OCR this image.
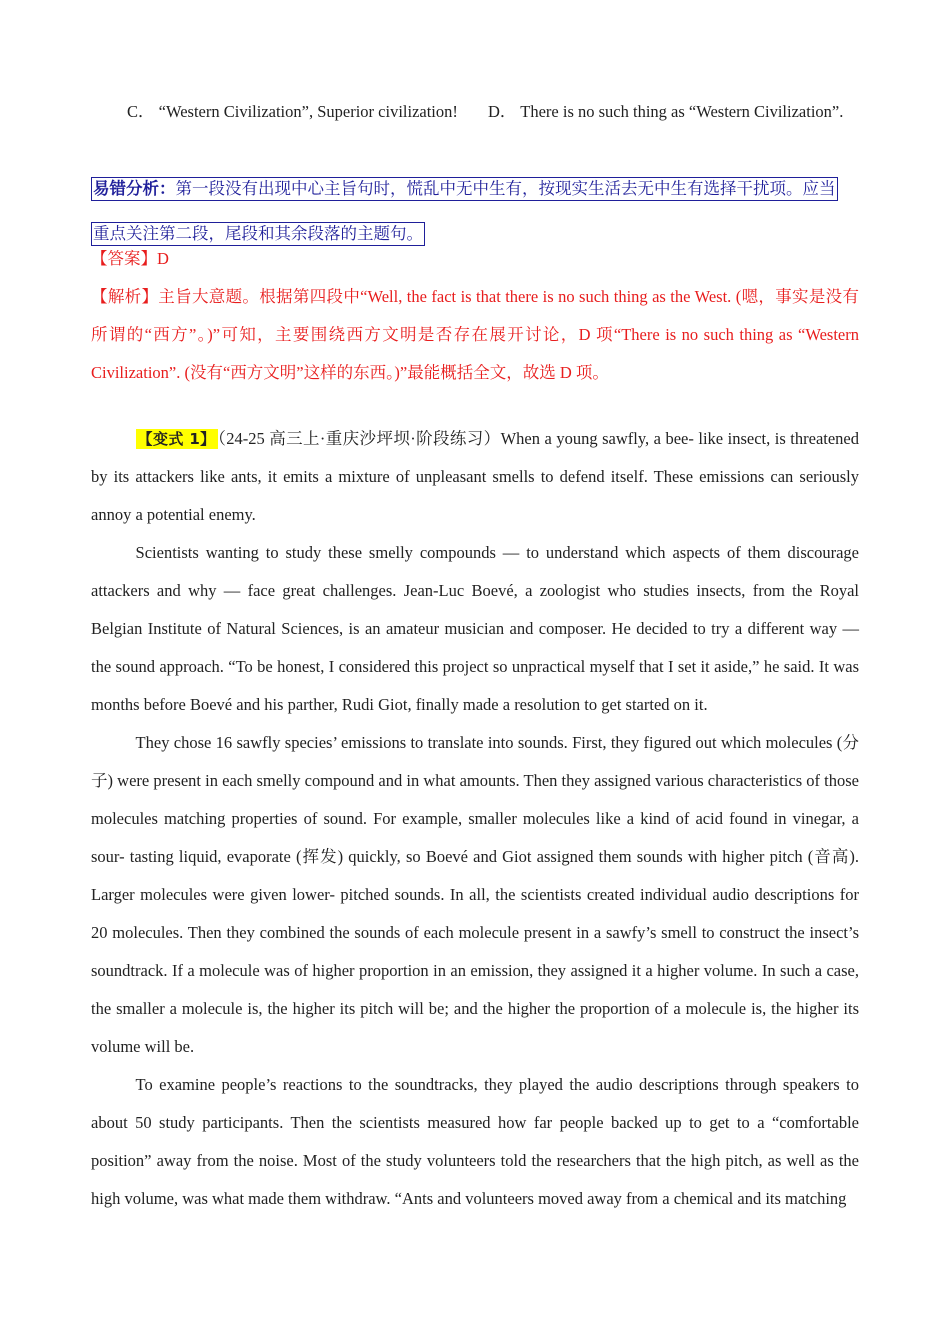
C． “Western Civilization”, Superior civilization! D． There is no such thing as “Western Civilization”.
易错分析：第一段没有出现中心主旨句时，慌乱中无中生有，按现实生活去无中生有选择干扰项。应当
重点关注第二段，尾段和其余段落的主题句。

【答案】D

【解析】主旨大意题。根据第四段中“Well, the fact is that there is no such thing as the West. (嗯，事实是没有所谓的“西方”。)”可知，主要围绕西方文明是否存在展开讨论，D 项“There is no such thing as “Western Civilization”. (没有“西方文明”这样的东西。)”最能概括全文，故选 D 项。

【变式 1】 （24-25 高三上·重庆沙坪坝·阶段练习）When a young sawfly, a bee- like insect, is threatened by its attackers like ants, it emits a mixture of unpleasant smells to defend itself. These emissions can seriously annoy a potential enemy.

Scientists wanting to study these smelly compounds — to understand which aspects of them discourage attackers and why — face great challenges. Jean-Luc Boevé, a zoologist who studies insects, from the Royal Belgian Institute of Natural Sciences, is an amateur musician and composer. He decided to try a different way — the sound approach. “To be honest, I considered this project so unpractical myself that I set it aside,” he said. It was months before Boevé and his parther, Rudi Giot, finally made a resolution to get started on it.

They chose 16 sawfly species’ emissions to translate into sounds. First, they figured out which molecules (分子) were present in each smelly compound and in what amounts. Then they assigned various characteristics of those molecules matching properties of sound. For example, smaller molecules like a kind of acid found in vinegar, a sour- tasting liquid, evaporate (挥发) quickly, so Boevé and Giot assigned them sounds with higher pitch (音高). Larger molecules were given lower- pitched sounds. In all, the scientists created individual audio descriptions for 20 molecules. Then they combined the sounds of each molecule present in a sawfy’s smell to construct the insect’s soundtrack. If a molecule was of higher proportion in an emission, they assigned it a higher volume. In such a case, the smaller a molecule is, the higher its pitch will be; and the higher the proportion of a molecule is, the higher its volume will be.

To examine people’s reactions to the soundtracks, they played the audio descriptions through speakers to about 50 study participants. Then the scientists measured how far people backed up to get to a “comfortable position” away from the noise. Most of the study volunteers told the researchers that the high pitch, as well as the high volume, was what made them withdraw. “Ants and volunteers moved away from a chemical and its matching
